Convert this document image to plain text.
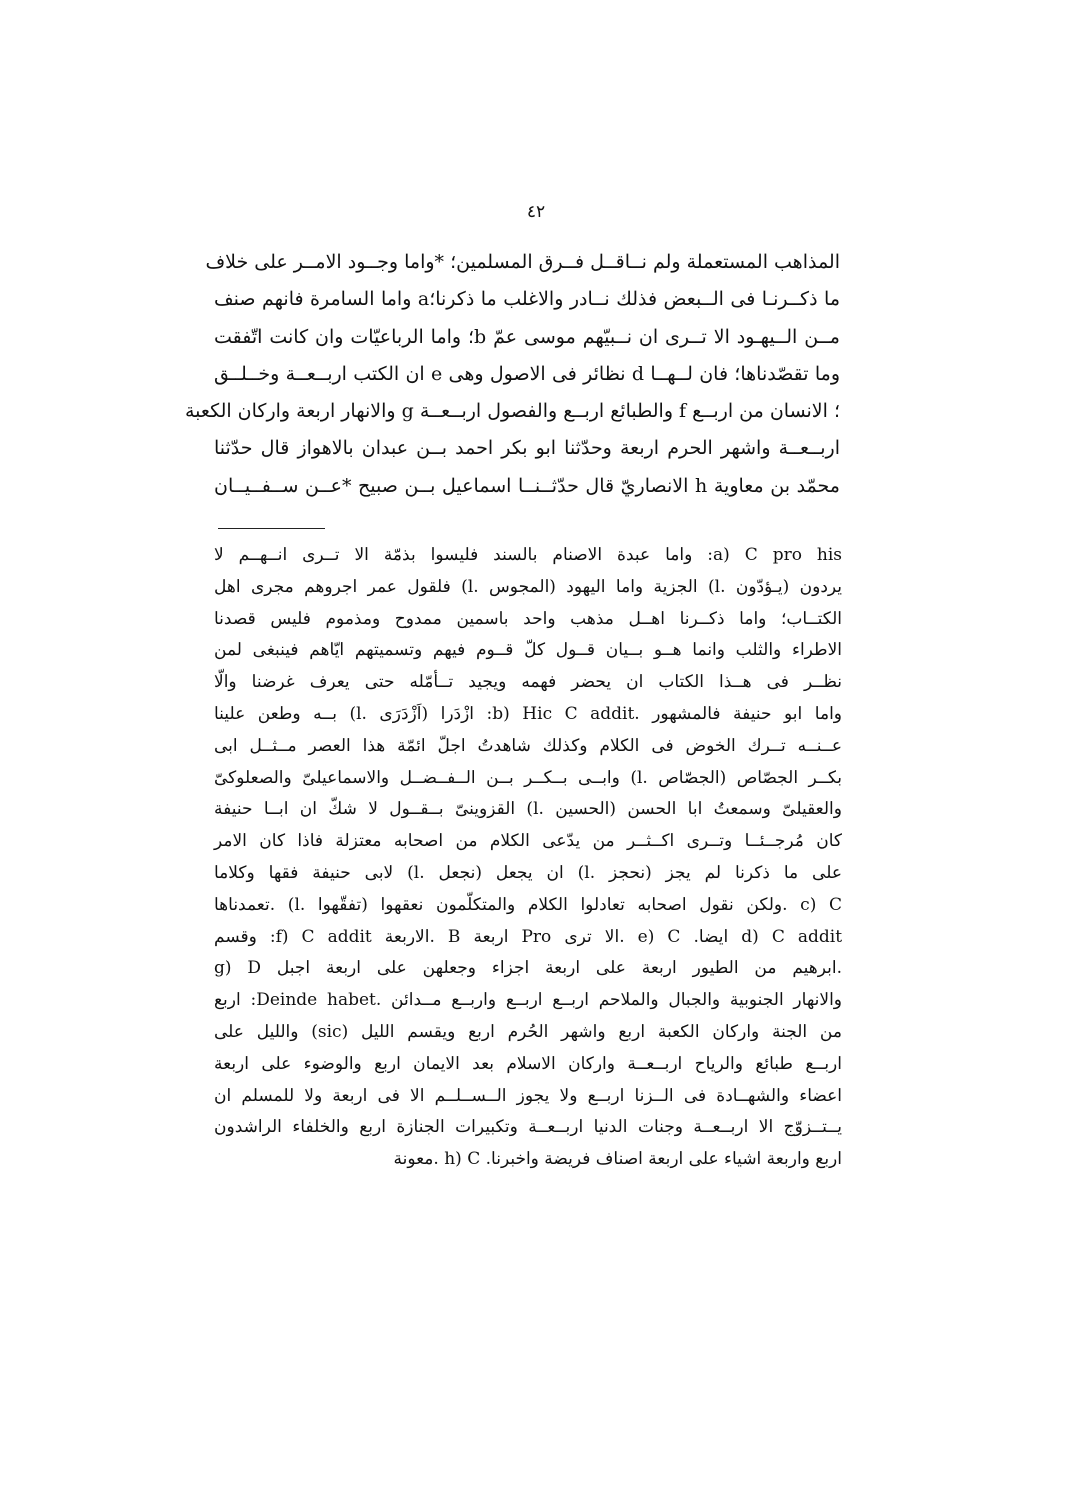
٤٢
المذاهب المستعملة ولم نــاقــل فــرق المسلمين؛ *واما وجــود الامــر على خلاف
ما ذكــرنـا فى الــبعض فذلك نــادر والاغلب ما ذكرنا؛a واما السامرة فانهم صنف
مــن الــيهـود الا تــرى ان نــبيّهم موسى عمّ b؛ واما الرباعيّات وان كانت اتّفقت
وما تقصّدناها؛ فان لــهــا d نظائر فى الاصول وهى e ان الكتب اربــعــة وخــلــق
؛ الانسان من اربــع f والطبائع اربــع والفصول اربــعــة g والانهار اربعة واركان الكعبة
اربــعــة واشهر الحرم اربعة وحدّثنا ابو بكر احمد بــن عبدان بالاهواز قال حدّثنا
محمّد بن معاوية h الانصاريّ قال حدّثــنــا اسماعيل بــن صبيح *عــن ســفــيــان
a) C pro his: واما عبدة الاصنام بالسند فليسوا بذمّة الا تــرى انــهــم لا
يردون (يـؤدّون .l) الجزية واما اليهود (المجوس .l) فلقول عمر اجروهم مجرى اهل
الكتــاب؛ واما ذكــرنا اهــل مذهب واحد باسمين ممدوح ومذموم فليس قصدنا
الاطراء والثلب وانما هــو بــيان قــول كلّ قــوم فيهم وتسميتهم ايّاهم فينبغى لمن
نظــر فى هــذا الكتاب ان يحضر فهمه ويجيد تــأمّله حتى يعرف غرضنا والّا
واما ابو حنيفة فالمشهور .b) Hic C addit: ازْدَرا (اَزْدَرَى .l) بــه وطعن علينا
عــنــه تــرك الخوض فى الكلام وكذلك شاهدتُ اجلّ ائمّة هذا العصر مــثــل ابى
بكــر الجصّاص (الجصّاص .l) وابــى بــكــر بــن الــفــضــل والاسماعيلىّ والصعلوكىّ
والعقيلىّ وسمعتُ ابا الحسن (الحسين .l) القزوينىّ بــقــول لا شكّ ان ابــا حنيفة
كان مُرجــئــا وتــرى اكــثــر من يدّعى الكلام من اصحابه معتزلة فاذا كان الامر
على ما ذكرنا لم يجز (نحجز .l) ان يجعل (نجعل .l) لابى حنيفة فقها وكلاما
c) C .ولكن نقول اصحابه تعادلوا الكلام والمتكلّمون نعقهوا (تفقّهوا .l) .تعمدناها
d) C addit ايضا. e) C .الا ترى Pro اربعة B .الاربعة f) C addit: وقسم
.ابرهيم من الطيور اربعة على اربعة اجزاء وجعلهن على اربعة اجبل g) D
والانهار الجنوبية والجبال والملاحم اربــع اربــع واربــع مــدائن .Deinde habet: اربع
من الجنة واركان الكعبة اربع واشهر الحُرم اربع ويقسم الليل (sic) والليل على
اربــع طبائع والرياح اربــعــة واركان الاسلام بعد الايمان اربع والوضوء على اربعة
اعضاء والشهــادة فى الــزنا اربــع ولا يجوز الــســلــم الا فى اربعة ولا للمسلم ان
يــتــزوّج الا اربــعــة وجنات الدنيا اربــعــة وتكبيرات الجنازة اربع والخلفاء الراشدون
اربع واربعة اشياء على اربعة اصناف فريضة واخبرنا. h) C .معونة
